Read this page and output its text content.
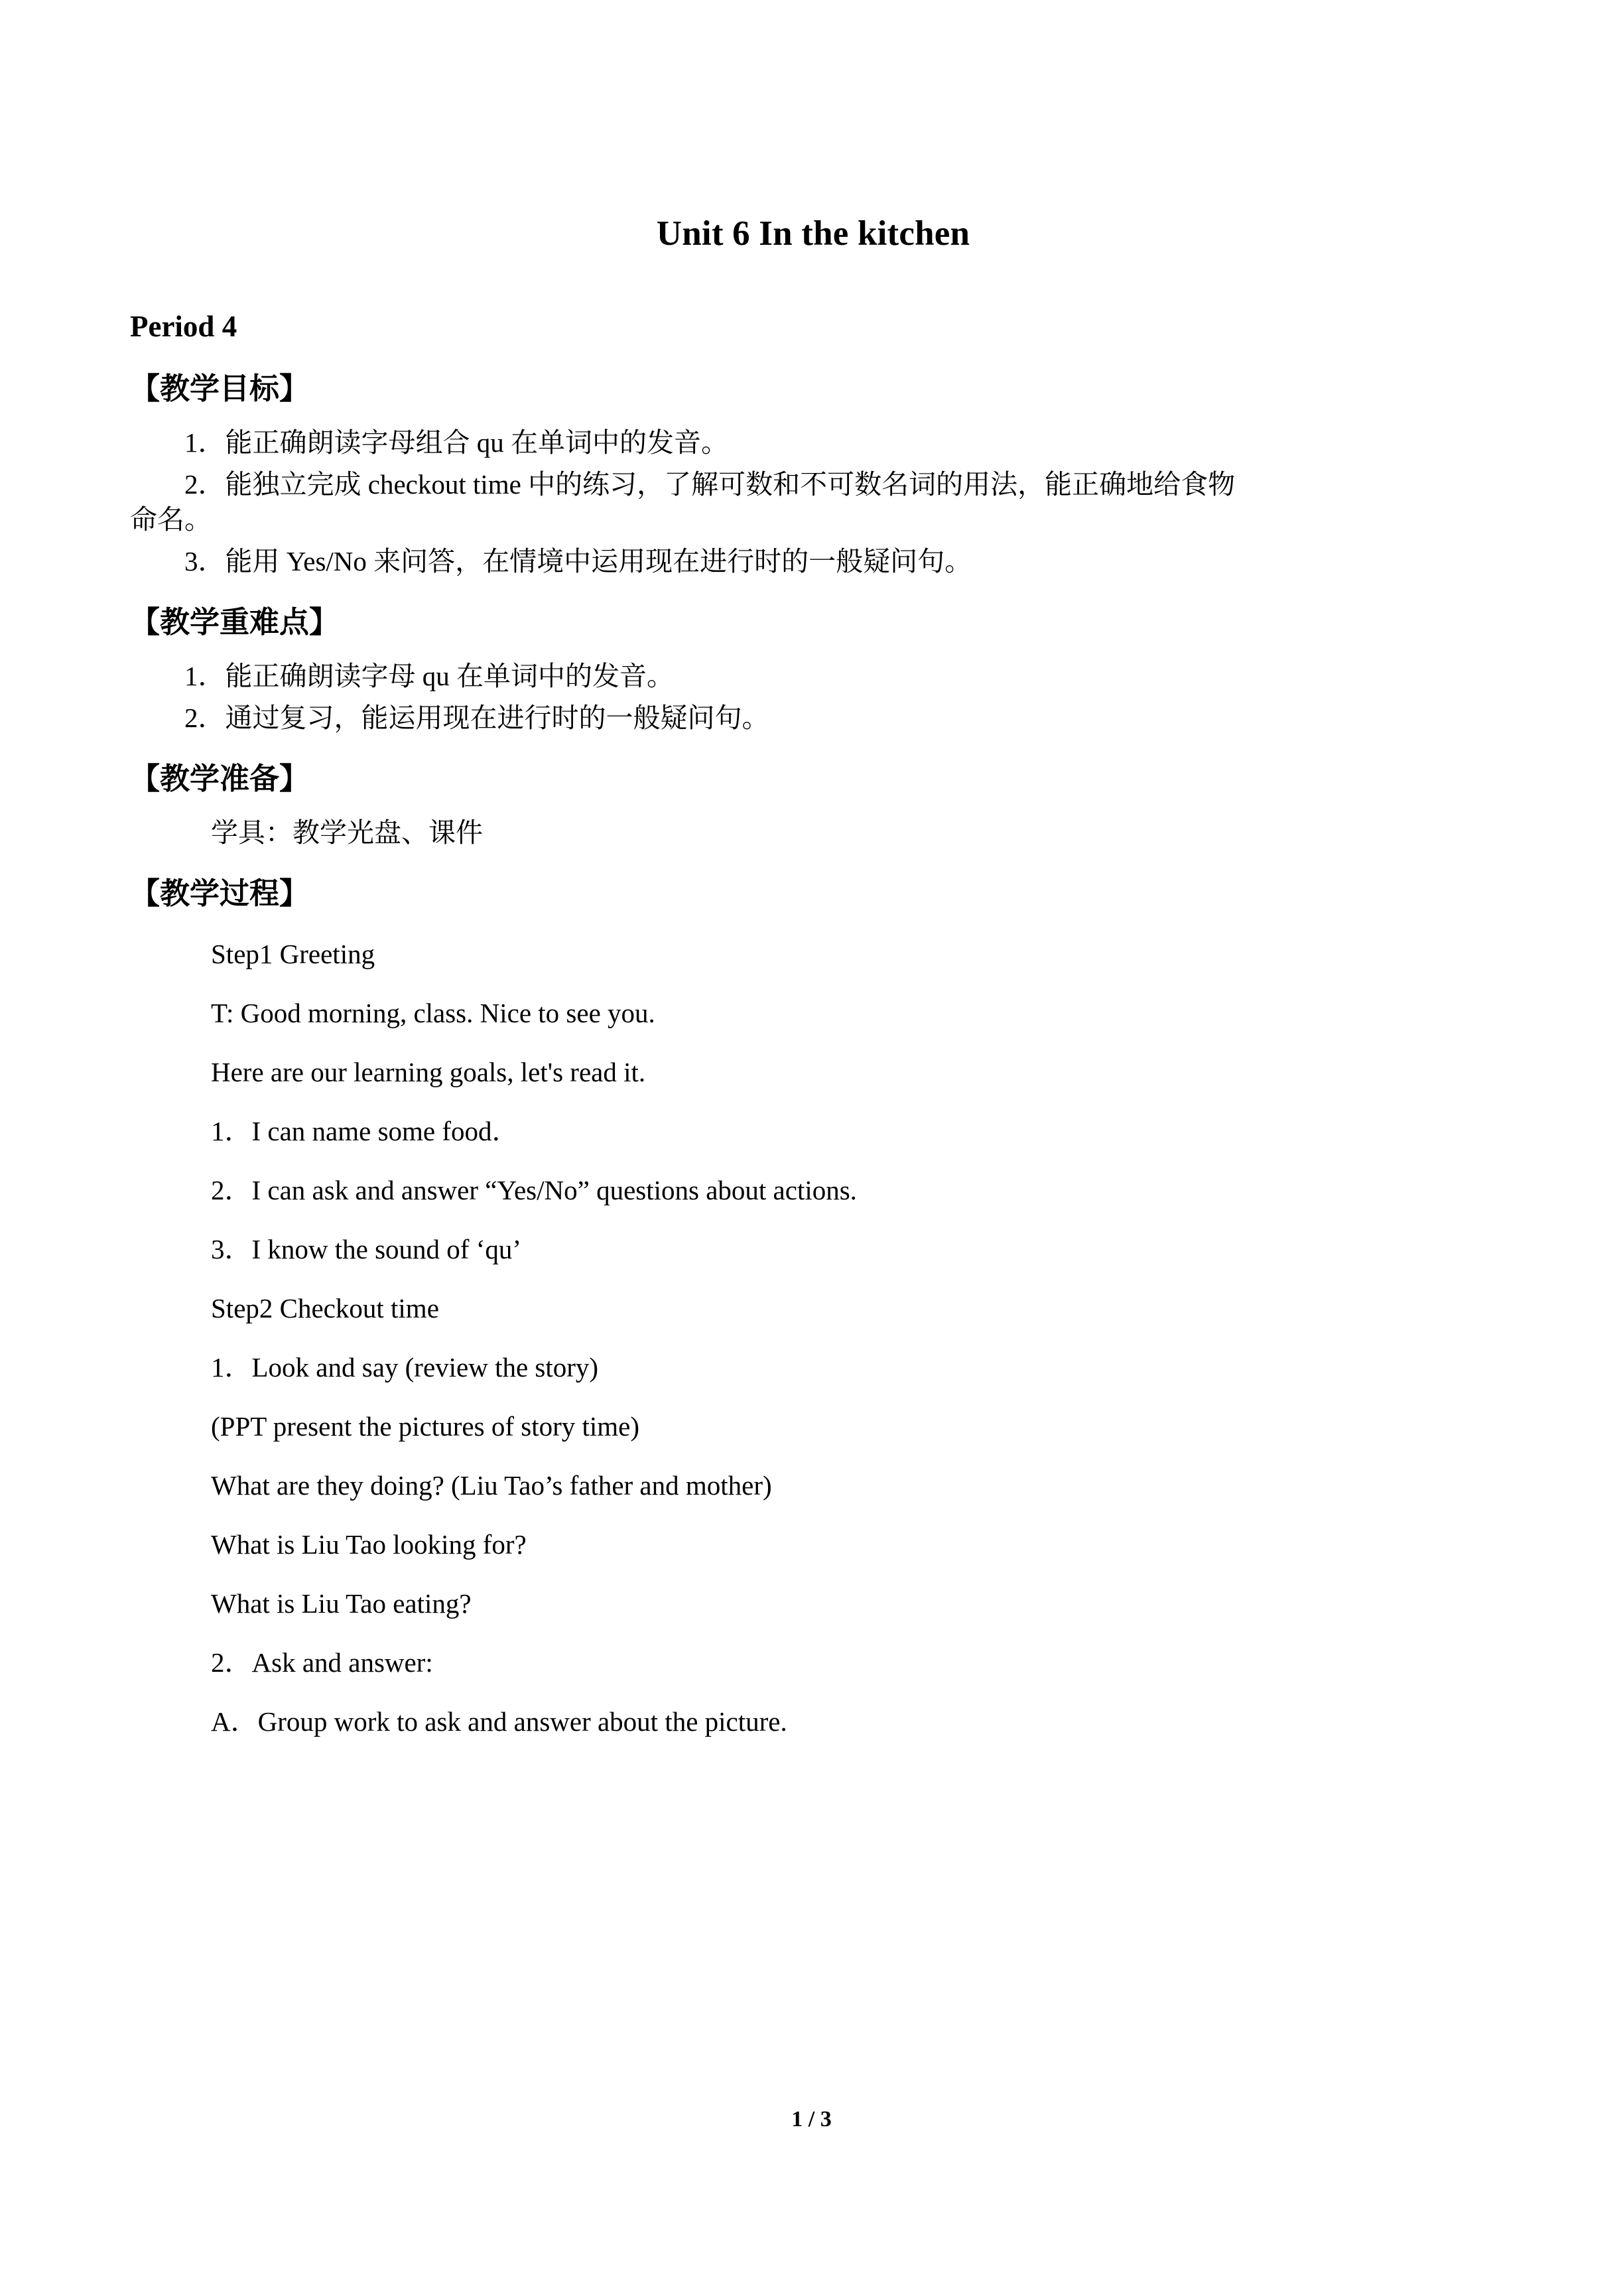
Unit 6 In the kitchen
Period 4
【教学目标】

1．能正确朗读字母组合 qu 在单词中的发音。

2．能独立完成 checkout time 中的练习，了解可数和不可数名词的用法，能正确地给食物

命名。

3．能用 Yes/No 来问答，在情境中运用现在进行时的一般疑问句。

【教学重难点】

1．能正确朗读字母 qu 在单词中的发音。

2．通过复习，能运用现在进行时的一般疑问句。

【教学准备】

学具：教学光盘、课件

【教学过程】

Step1 Greeting

T: Good morning, class. Nice to see you.

Here are our learning goals, let's read it.

1．I can name some food．

2．I can ask and answer “Yes/No” questions about actions.

3．I know the sound of ‘qu’

Step2 Checkout time

1．Look and say (review the story)

(PPT present the pictures of story time)

What are they doing? (Liu Tao’s father and mother)

What is Liu Tao looking for?

What is Liu Tao eating?

2．Ask and answer:

A．Group work to ask and answer about the picture.

1 / 3
